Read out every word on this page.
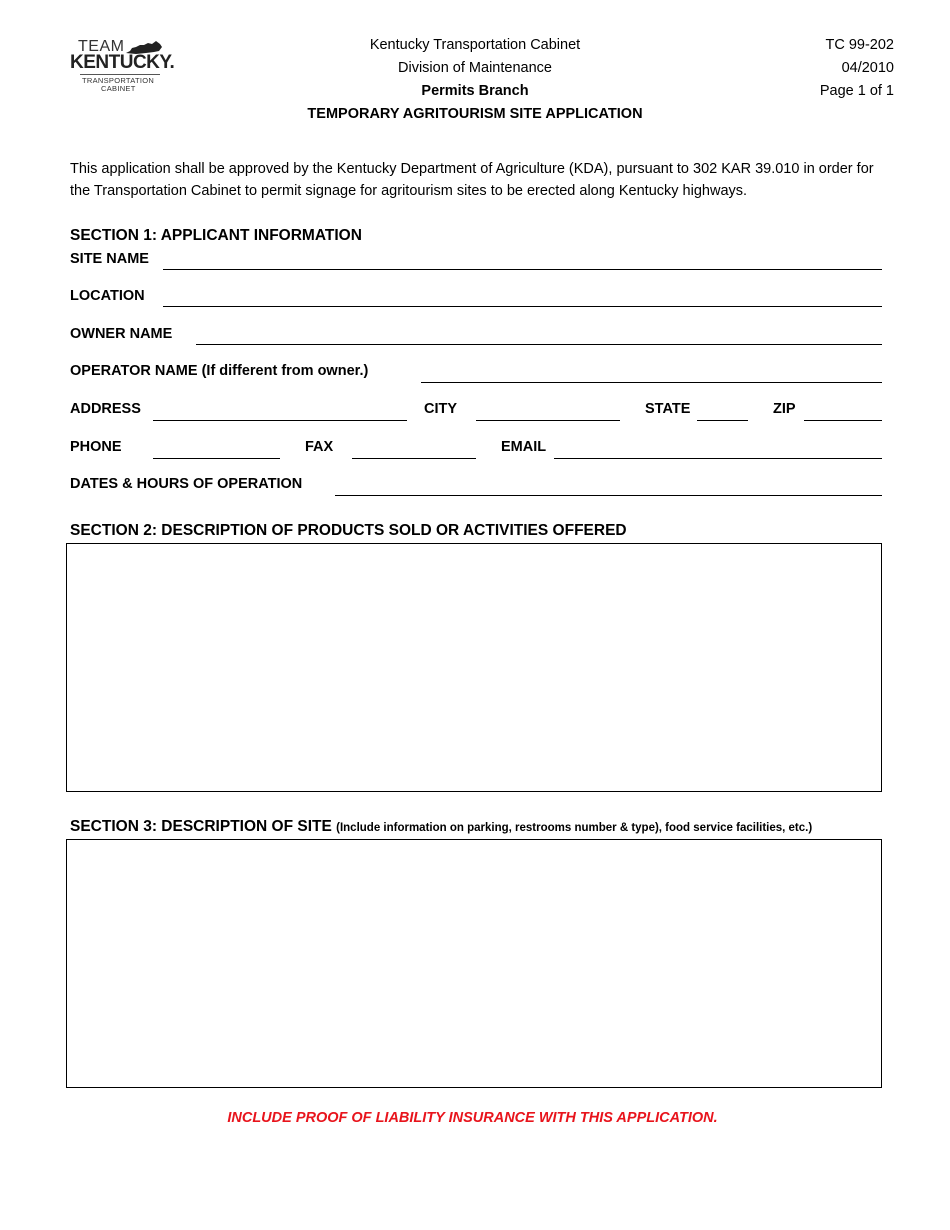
TEAM
KENTUCKY.
TRANSPORTATION
CABINET
Kentucky Transportation Cabinet
Division of Maintenance
Permits Branch
TEMPORARY AGRITOURISM SITE APPLICATION
TC 99-202
04/2010
Page 1 of 1
This application shall be approved by the Kentucky Department of Agriculture (KDA), pursuant to 302 KAR 39.010 in order for the Transportation Cabinet to permit signage for agritourism sites to be erected along Kentucky highways.
SECTION 1: APPLICANT INFORMATION
SITE NAME
LOCATION
OWNER NAME
OPERATOR NAME (If different from owner.)
ADDRESS	CITY	STATE	ZIP
PHONE	FAX	EMAIL
DATES & HOURS OF OPERATION
SECTION 2: DESCRIPTION OF PRODUCTS SOLD OR ACTIVITIES OFFERED
SECTION 3: DESCRIPTION OF SITE (Include information on parking, restrooms number & type), food service facilities, etc.)
INCLUDE PROOF OF LIABILITY INSURANCE WITH THIS APPLICATION.
